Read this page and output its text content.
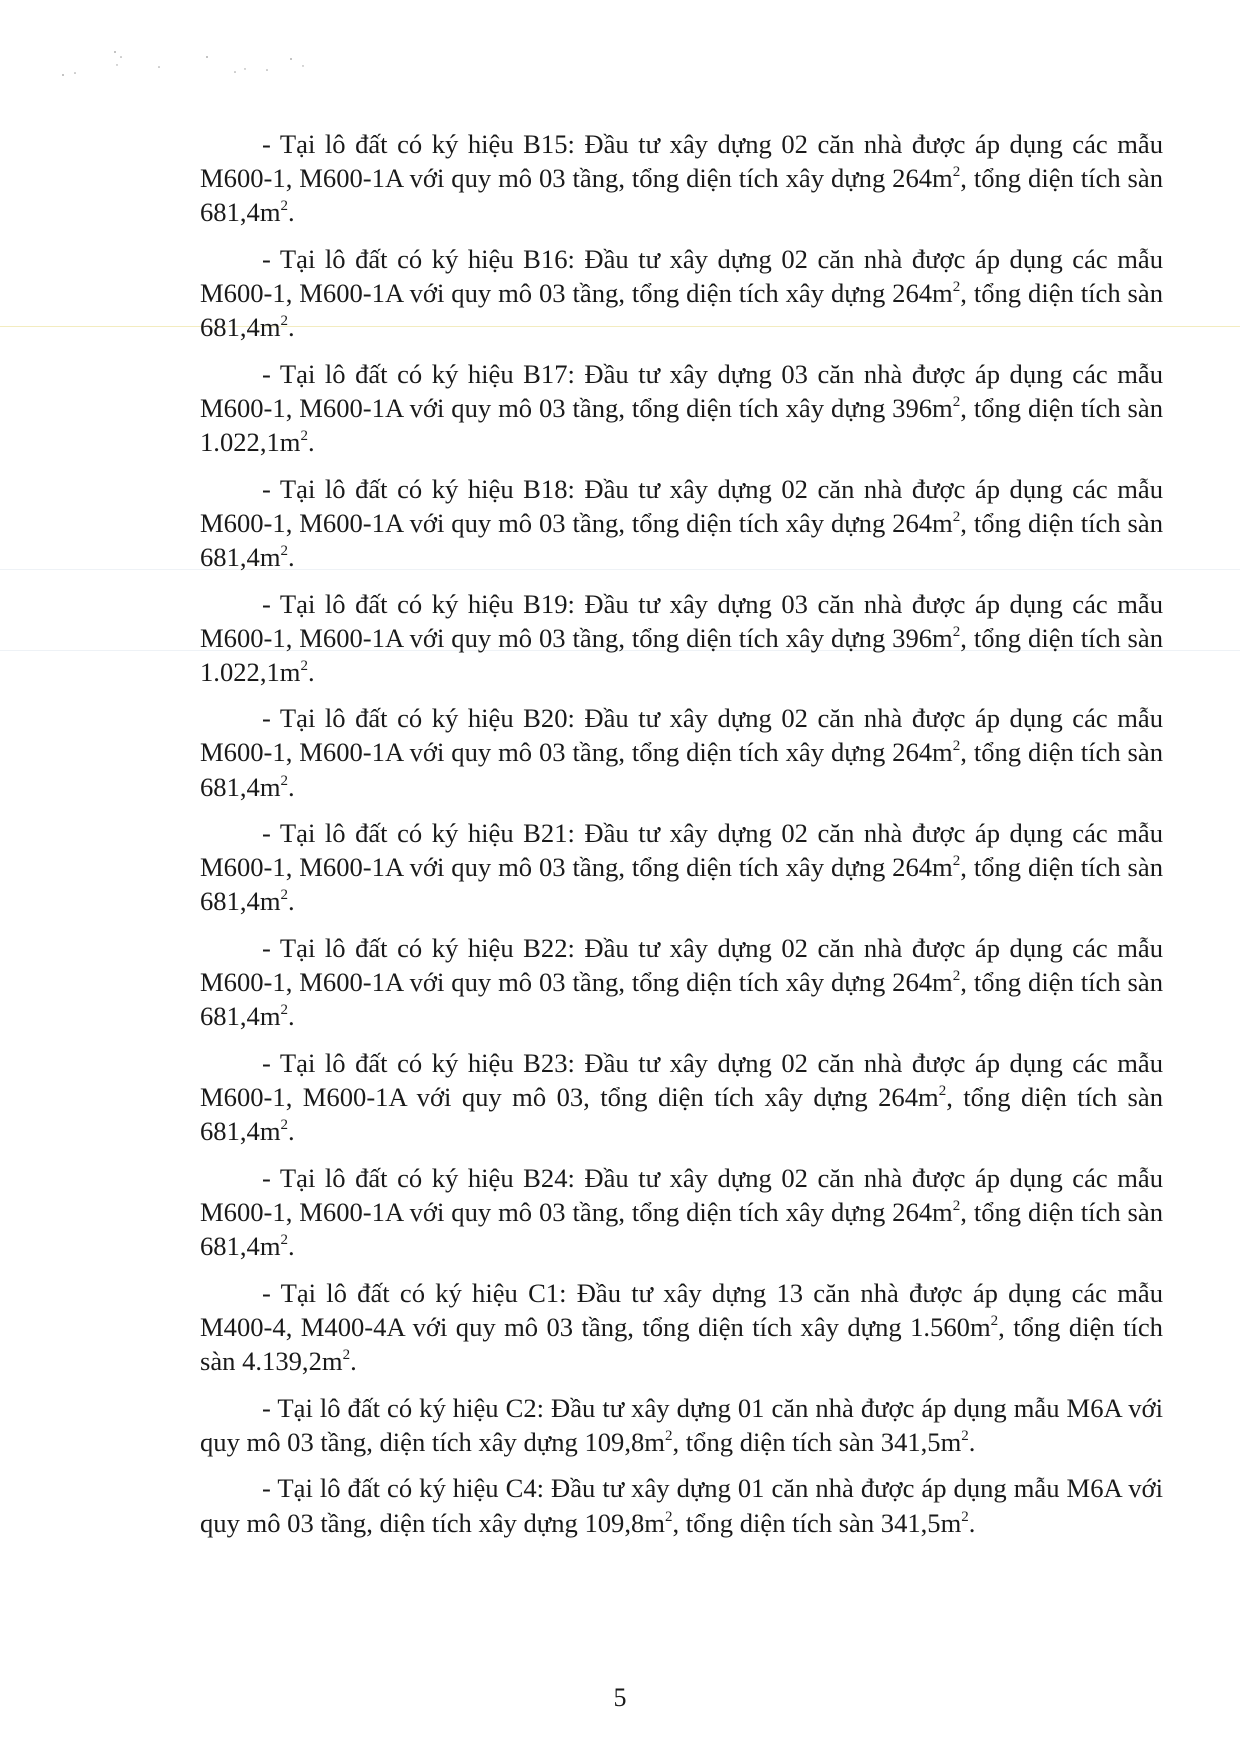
- Tại lô đất có ký hiệu B15: Đầu tư xây dựng 02 căn nhà được áp dụng các mẫu M600-1, M600-1A với quy mô 03 tầng, tổng diện tích xây dựng $264m^2$, tổng diện tích sàn $681,4m^2$.

- Tại lô đất có ký hiệu B16: Đầu tư xây dựng 02 căn nhà được áp dụng các mẫu M600-1, M600-1A với quy mô 03 tầng, tổng diện tích xây dựng $264m^2$, tổng diện tích sàn $681,4m^2$.

- Tại lô đất có ký hiệu B17: Đầu tư xây dựng 03 căn nhà được áp dụng các mẫu M600-1, M600-1A với quy mô 03 tầng, tổng diện tích xây dựng $396m^2$, tổng diện tích sàn $1.022,1m^2$.

- Tại lô đất có ký hiệu B18: Đầu tư xây dựng 02 căn nhà được áp dụng các mẫu M600-1, M600-1A với quy mô 03 tầng, tổng diện tích xây dựng $264m^2$, tổng diện tích sàn $681,4m^2$.

- Tại lô đất có ký hiệu B19: Đầu tư xây dựng 03 căn nhà được áp dụng các mẫu M600-1, M600-1A với quy mô 03 tầng, tổng diện tích xây dựng $396m^2$, tổng diện tích sàn $1.022,1m^2$.

- Tại lô đất có ký hiệu B20: Đầu tư xây dựng 02 căn nhà được áp dụng các mẫu M600-1, M600-1A với quy mô 03 tầng, tổng diện tích xây dựng $264m^2$, tổng diện tích sàn $681,4m^2$.

- Tại lô đất có ký hiệu B21: Đầu tư xây dựng 02 căn nhà được áp dụng các mẫu M600-1, M600-1A với quy mô 03 tầng, tổng diện tích xây dựng $264m^2$, tổng diện tích sàn $681,4m^2$.

- Tại lô đất có ký hiệu B22: Đầu tư xây dựng 02 căn nhà được áp dụng các mẫu M600-1, M600-1A với quy mô 03 tầng, tổng diện tích xây dựng $264m^2$, tổng diện tích sàn $681,4m^2$.

- Tại lô đất có ký hiệu B23: Đầu tư xây dựng 02 căn nhà được áp dụng các mẫu M600-1, M600-1A với quy mô 03, tổng diện tích xây dựng $264m^2$, tổng diện tích sàn $681,4m^2$.

- Tại lô đất có ký hiệu B24: Đầu tư xây dựng 02 căn nhà được áp dụng các mẫu M600-1, M600-1A với quy mô 03 tầng, tổng diện tích xây dựng $264m^2$, tổng diện tích sàn $681,4m^2$.

- Tại lô đất có ký hiệu C1: Đầu tư xây dựng 13 căn nhà được áp dụng các mẫu M400-4, M400-4A với quy mô 03 tầng, tổng diện tích xây dựng $1.560m^2$, tổng diện tích sàn $4.139,2m^2$.

- Tại lô đất có ký hiệu C2: Đầu tư xây dựng 01 căn nhà được áp dụng mẫu M6A với quy mô 03 tầng, diện tích xây dựng $109,8m^2$, tổng diện tích sàn $341,5m^2$.

- Tại lô đất có ký hiệu C4: Đầu tư xây dựng 01 căn nhà được áp dụng mẫu M6A với quy mô 03 tầng, diện tích xây dựng $109,8m^2$, tổng diện tích sàn $341,5m^2$.

5
